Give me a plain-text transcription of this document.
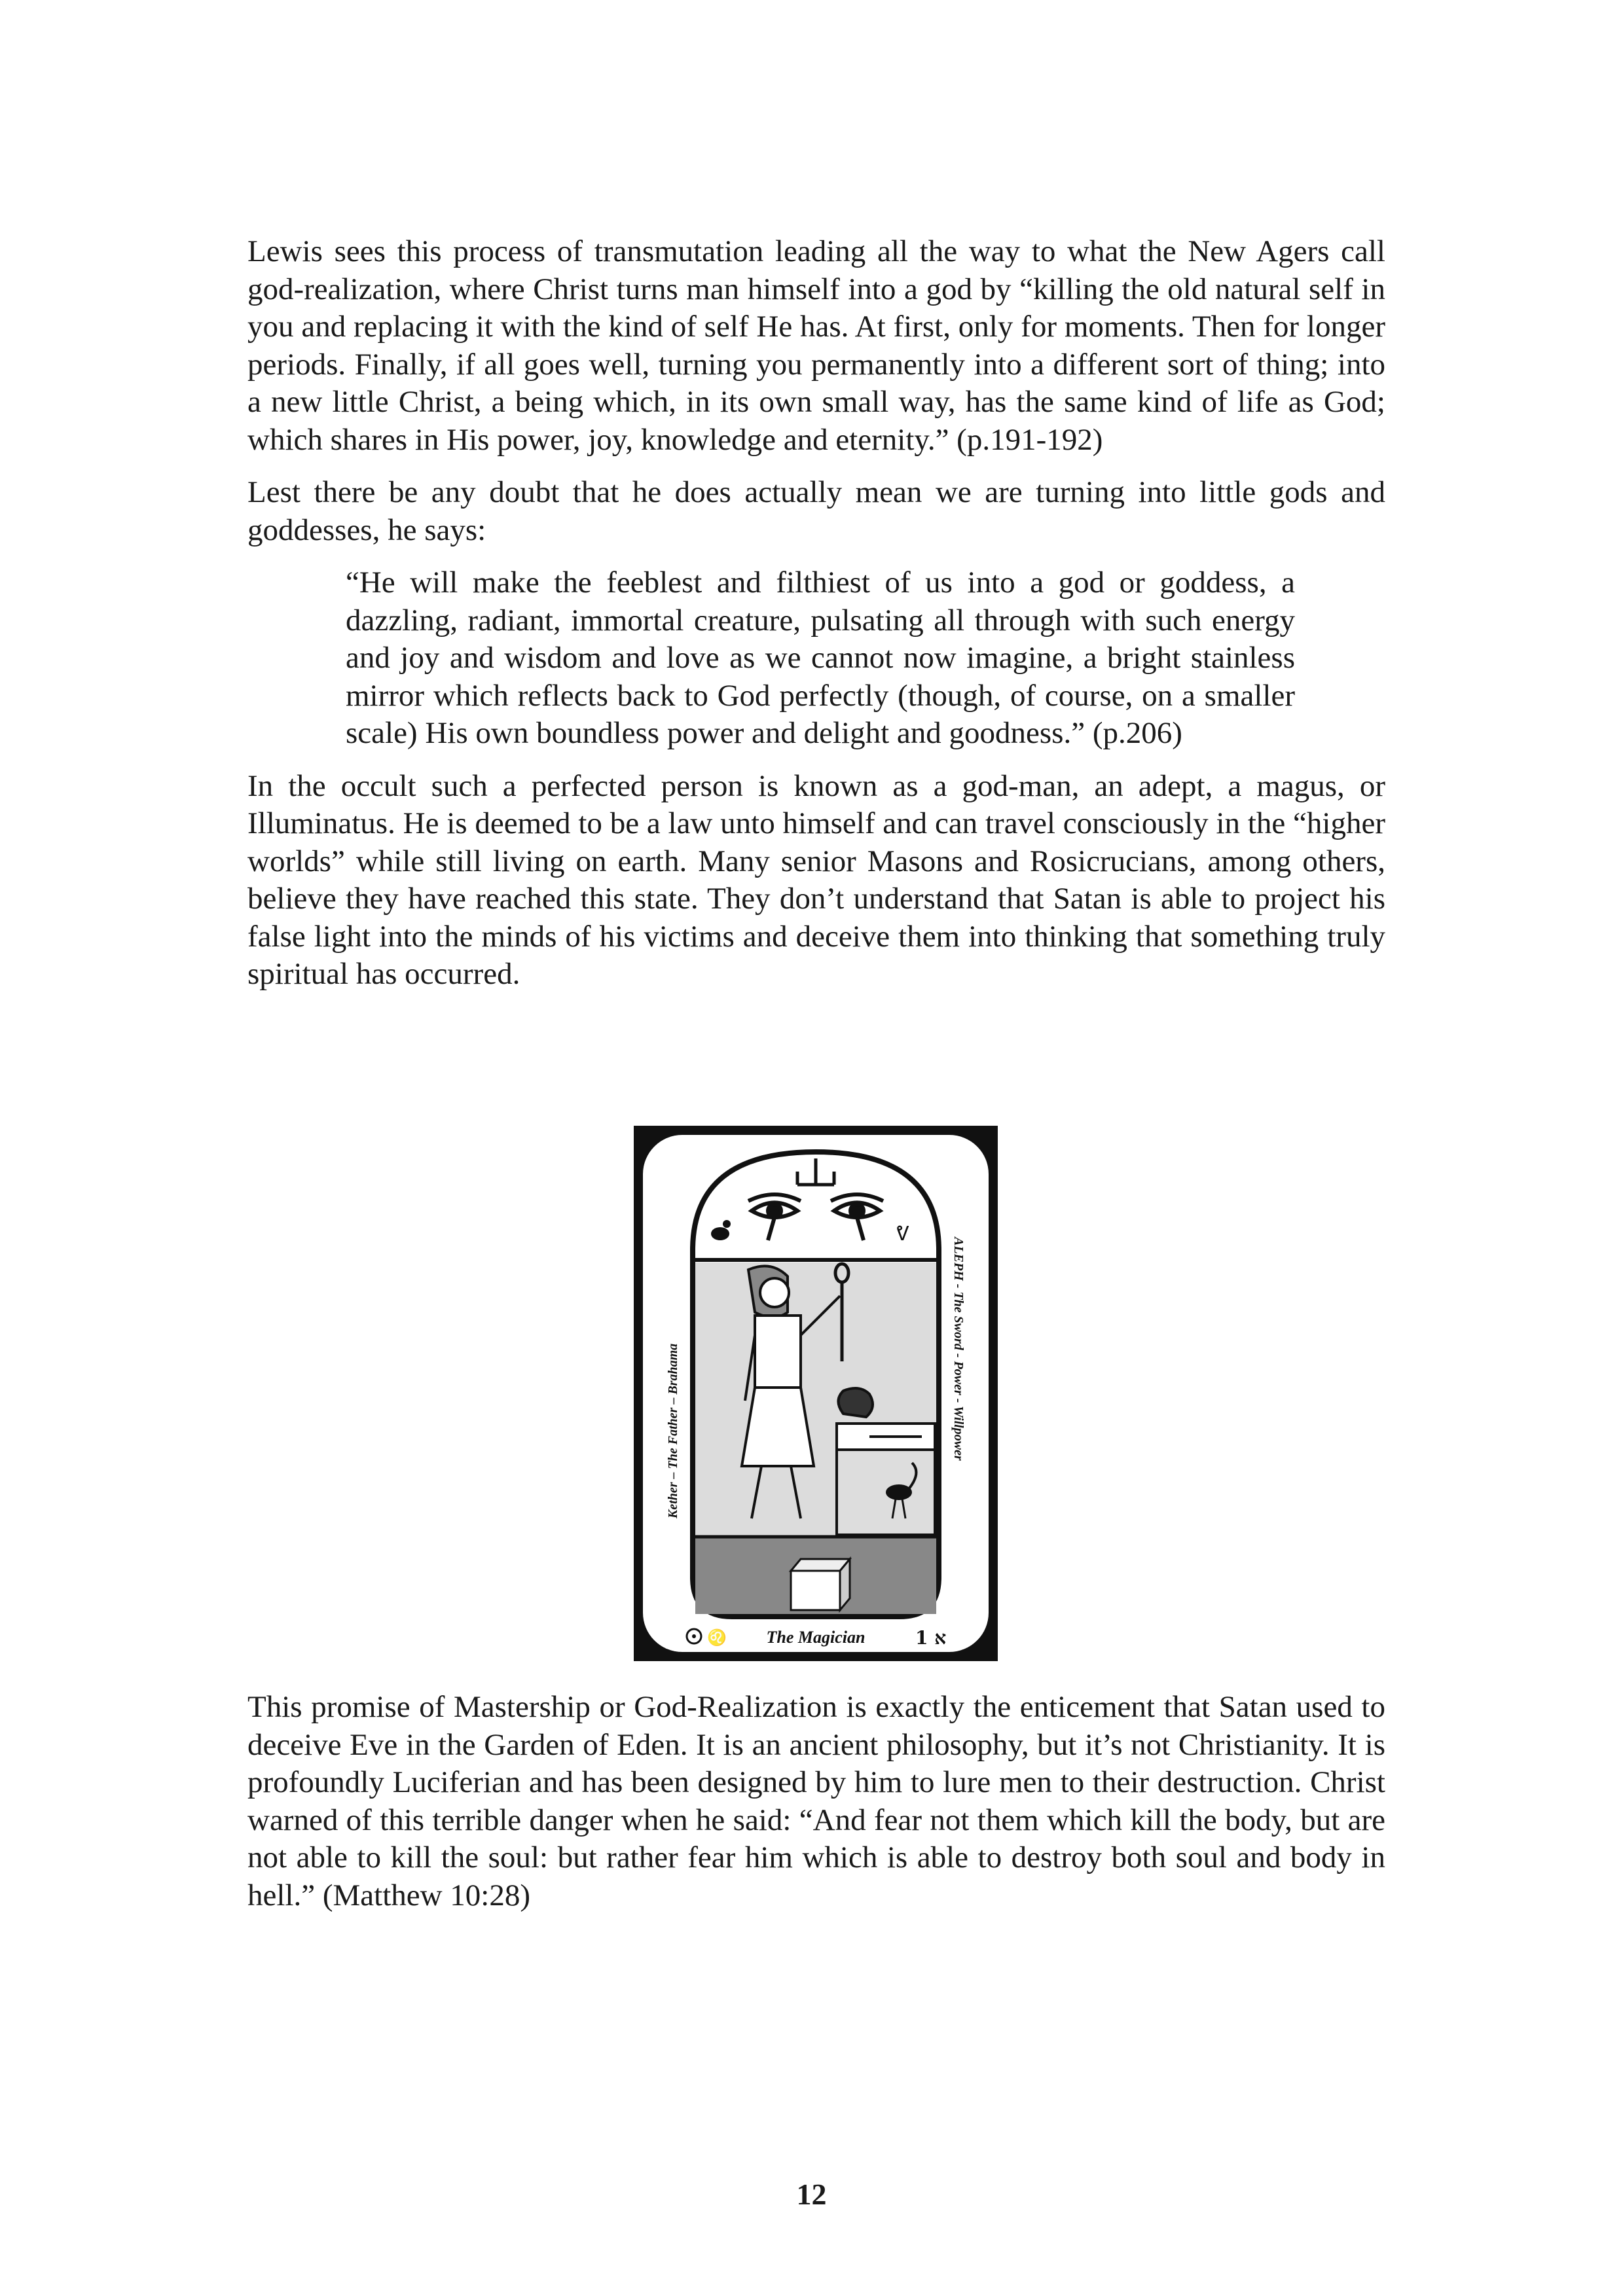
Lewis sees this process of transmutation leading all the way to what the New Agers call god-realization, where Christ turns man himself into a god by “killing the old natural self in you and replacing it with the kind of self He has. At first, only for moments. Then for longer periods. Finally, if all goes well, turning you permanently into a different sort of thing; into a new little Christ, a being which, in its own small way, has the same kind of life as God; which shares in His power, joy, knowledge and eternity.” (p.191-192)

Lest there be any doubt that he does actually mean we are turning into little gods and goddesses, he says:

“He will make the feeblest and filthiest of us into a god or goddess, a dazzling, radiant, immortal creature, pulsating all through with such energy and joy and wisdom and love as we cannot now imagine, a bright stainless mirror which reflects back to God perfectly (though, of course, on a smaller scale) His own boundless power and delight and goodness.” (p.206)

In the occult such a perfected person is known as a god-man, an adept, a magus, or Illuminatus. He is deemed to be a law unto himself and can travel consciously in the “higher worlds” while still living on earth. Many senior Masons and Rosicrucians, among others, believe they have reached this state. They don’t understand that Satan is able to project his false light into the minds of his victims and deceive them into thinking that something truly spiritual has occurred.

ᕓ
Kether – The Father – Brahama	ALEPH - The Sword - Power - Willpower
♌ The Magician	א 1

This promise of Mastership or God-Realization is exactly the enticement that Satan used to deceive Eve in the Garden of Eden. It is an ancient philosophy, but it’s not Christianity. It is profoundly Luciferian and has been designed by him to lure men to their destruction. Christ warned of this terrible danger when he said: “And fear not them which kill the body, but are not able to kill the soul: but rather fear him which is able to destroy both soul and body in hell.” (Matthew 10:28)

12
